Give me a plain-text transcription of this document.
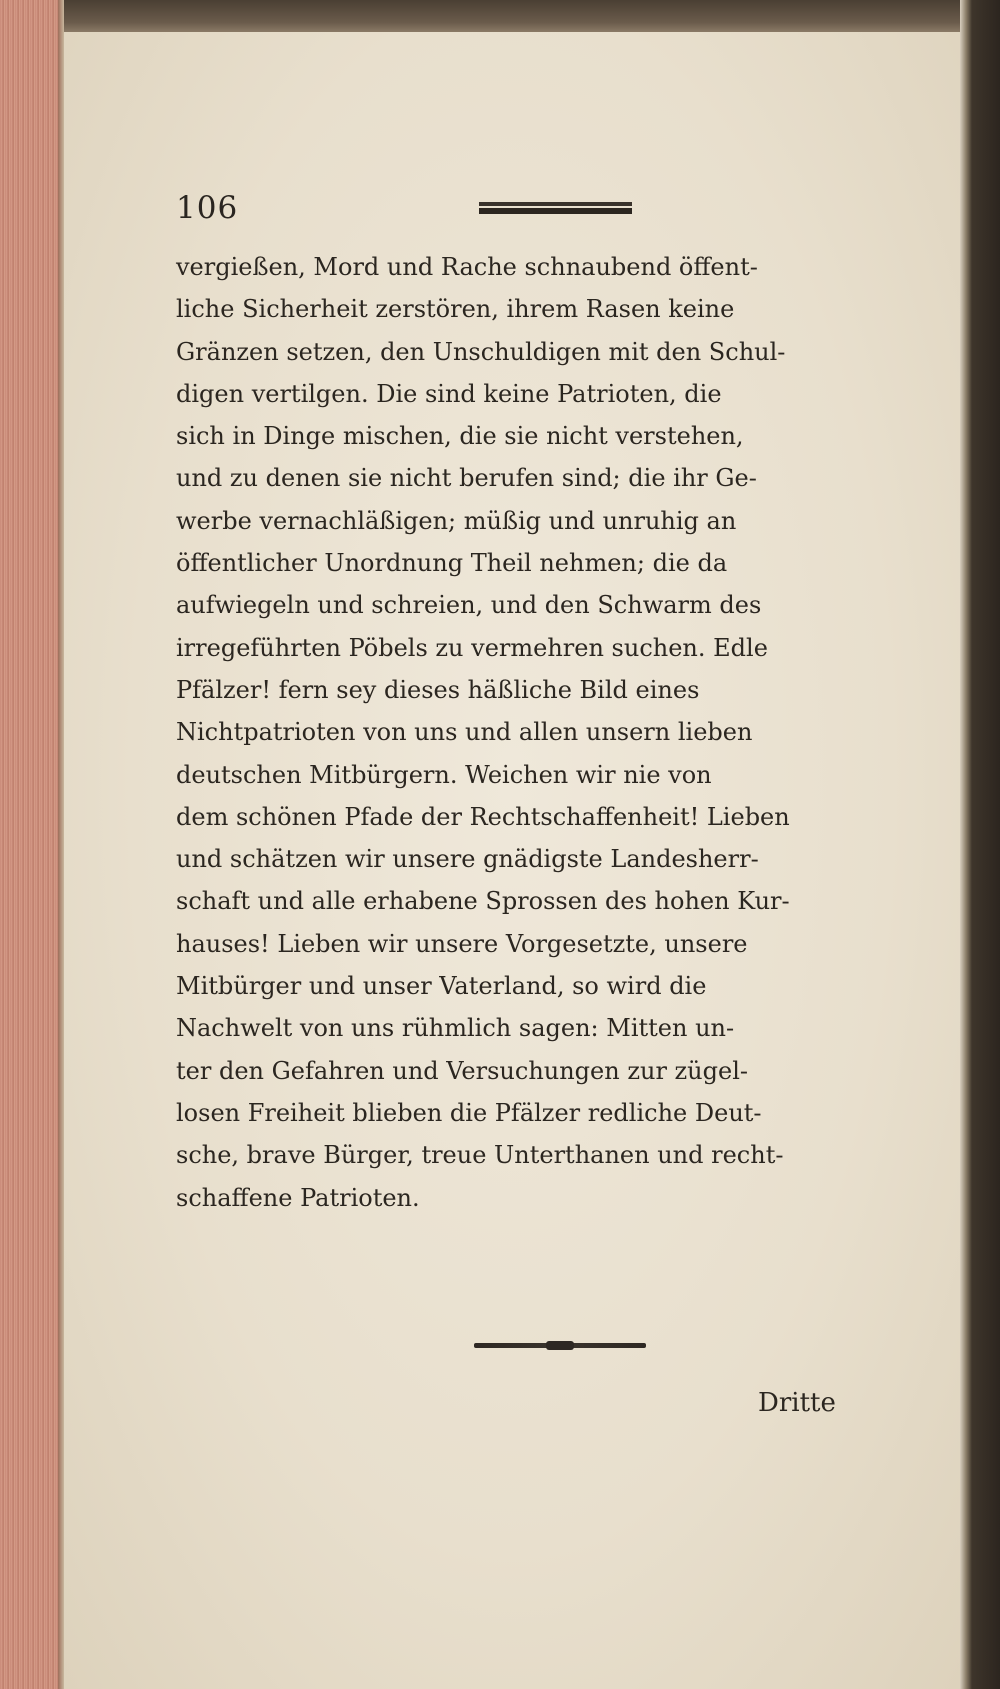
106

vergießen, Mord und Rache schnaubend öffent-
liche Sicherheit zerstören, ihrem Rasen keine
Gränzen setzen, den Unschuldigen mit den Schul-
digen vertilgen. Die sind keine Patrioten, die
sich in Dinge mischen, die sie nicht verstehen,
und zu denen sie nicht berufen sind; die ihr Ge-
werbe vernachläßigen; müßig und unruhig an
öffentlicher Unordnung Theil nehmen; die da
aufwiegeln und schreien, und den Schwarm des
irregeführten Pöbels zu vermehren suchen. Edle
Pfälzer! fern sey dieses häßliche Bild eines
Nichtpatrioten von uns und allen unsern lieben
deutschen Mitbürgern. Weichen wir nie von
dem schönen Pfade der Rechtschaffenheit! Lieben
und schätzen wir unsere gnädigste Landesherr-
schaft und alle erhabene Sprossen des hohen Kur-
hauses! Lieben wir unsere Vorgesetzte, unsere
Mitbürger und unser Vaterland, so wird die
Nachwelt von uns rühmlich sagen: Mitten un-
ter den Gefahren und Versuchungen zur zügel-
losen Freiheit blieben die Pfälzer redliche Deut-
sche, brave Bürger, treue Unterthanen und recht-
schaffene Patrioten.

Dritte
